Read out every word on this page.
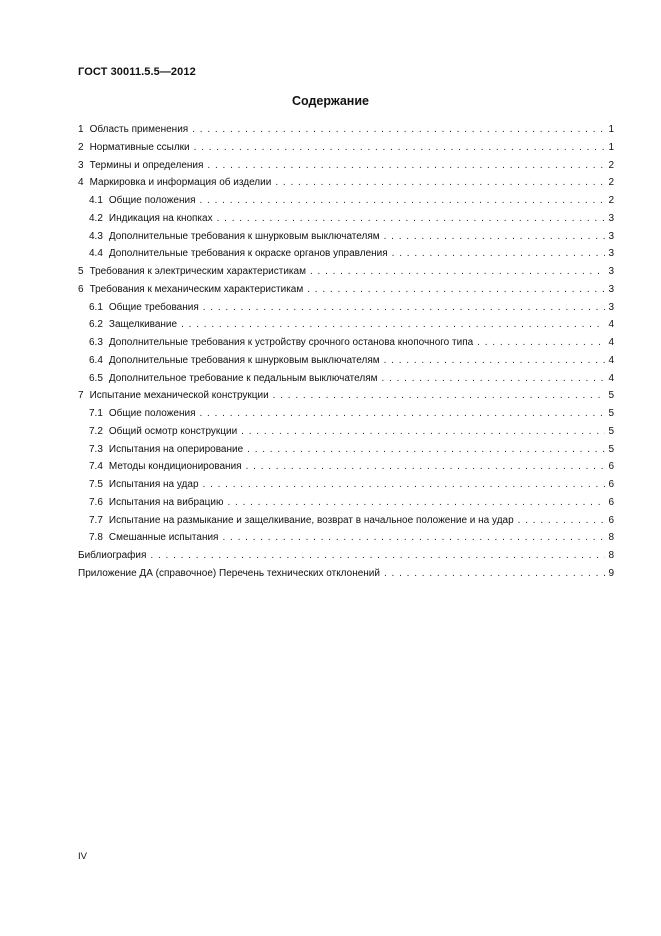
ГОСТ 30011.5.5—2012
Содержание
1 Область применения . . .	1
2 Нормативные ссылки . . .	1
3 Термины и определения . . .	2
4 Маркировка и информация об изделии . . .	2
4.1 Общие положения . . .	2
4.2 Индикация на кнопках . . .	3
4.3 Дополнительные требования к шнурковым выключателям . . .	3
4.4 Дополнительные требования к окраске органов управления . . .	3
5 Требования к электрическим характеристикам . . .	3
6 Требования к механическим характеристикам . . .	3
6.1 Общие требования . . .	3
6.2 Защелкивание . . .	4
6.3 Дополнительные требования к устройству срочного останова кнопочного типа . . .	4
6.4 Дополнительные требования к шнурковым выключателям . . .	4
6.5 Дополнительное требование к педальным выключателям . . .	4
7 Испытание механической конструкции . . .	5
7.1 Общие положения . . .	5
7.2 Общий осмотр конструкции . . .	5
7.3 Испытания на оперирование . . .	5
7.4 Методы кондиционирования . . .	6
7.5 Испытания на удар . . .	6
7.6 Испытания на вибрацию . . .	6
7.7 Испытание на размыкание и защелкивание, возврат в начальное положение и на удар . . .	6
7.8 Смешанные испытания . . .	8
Библиография . . .	8
Приложение ДА (справочное) Перечень технических отклонений . . .	9
IV
